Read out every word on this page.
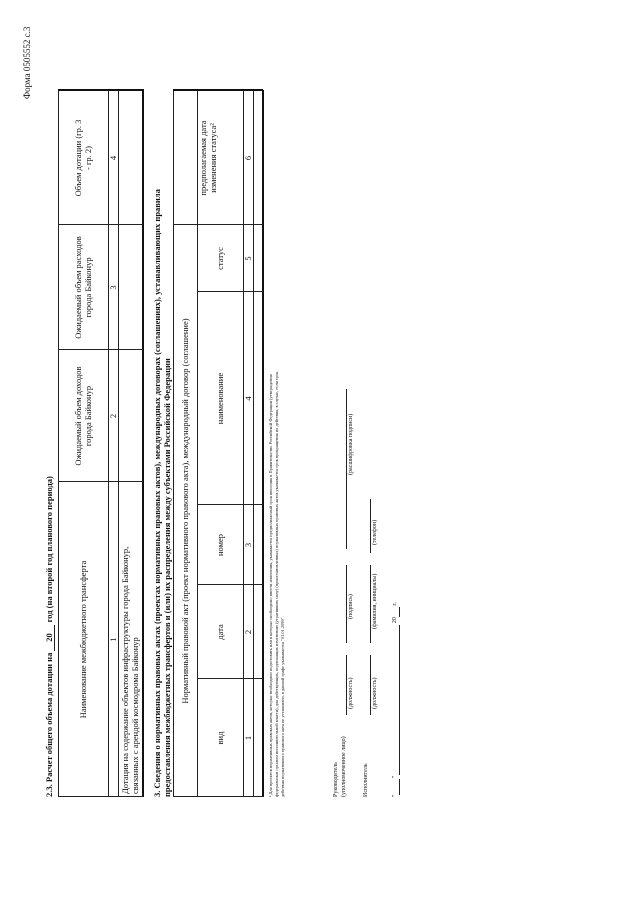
Форма 0505552 с.3
2.3. Расчет общего объема дотации на 20 год (на второй год планового периода)
Наименование межбюджетного трансферта
Ожидаемый объем доходов города Байконур
Ожидаемый объем расходов города Байконур
Объем дотации (гр. 3 - гр. 2)
1
2
3
4
Дотация на содержание объектов инфраструктуры города Байконур, связанных с арендой космодрома Байконур 3. Сведения о нормативных правовых актах (проектах нормативных правовых актов), международных договорах (соглашениях), устанавливающих правила предоставления межбюджетных трансфертов и (или) их распределения между субъектами Российской Федерации Нормативный правовой акт (проект нормативного правового акта), международный договор (соглашение)
вид
дата
номер
наименование
статус
предполагаемая дата изменения статуса²
1
2
3
4
5
6
² Для проектов нормативных правовых актов, которые необходимо подготовить или в которые необходимо внести изменения, указывается предполагаемый срок внесения в Правительство Российской Федерации (утверждения федеральным органом исполнительной власти), для действующих, подлежащих изменению (утративших силу) (приостановленных) нормативных правовых актов указывается срок прекращения их действия, в случае, если срок действия нормативного правового акта не установлен, в данной графе указывается "01.01.2099".	Руководитель (уполномоченное лицо)
(должность)
(подпись)
(расшифровка подписи)
Исполнитель
(должность)
(фамилия, инициалы)
(телефон)
" "   20  г.
